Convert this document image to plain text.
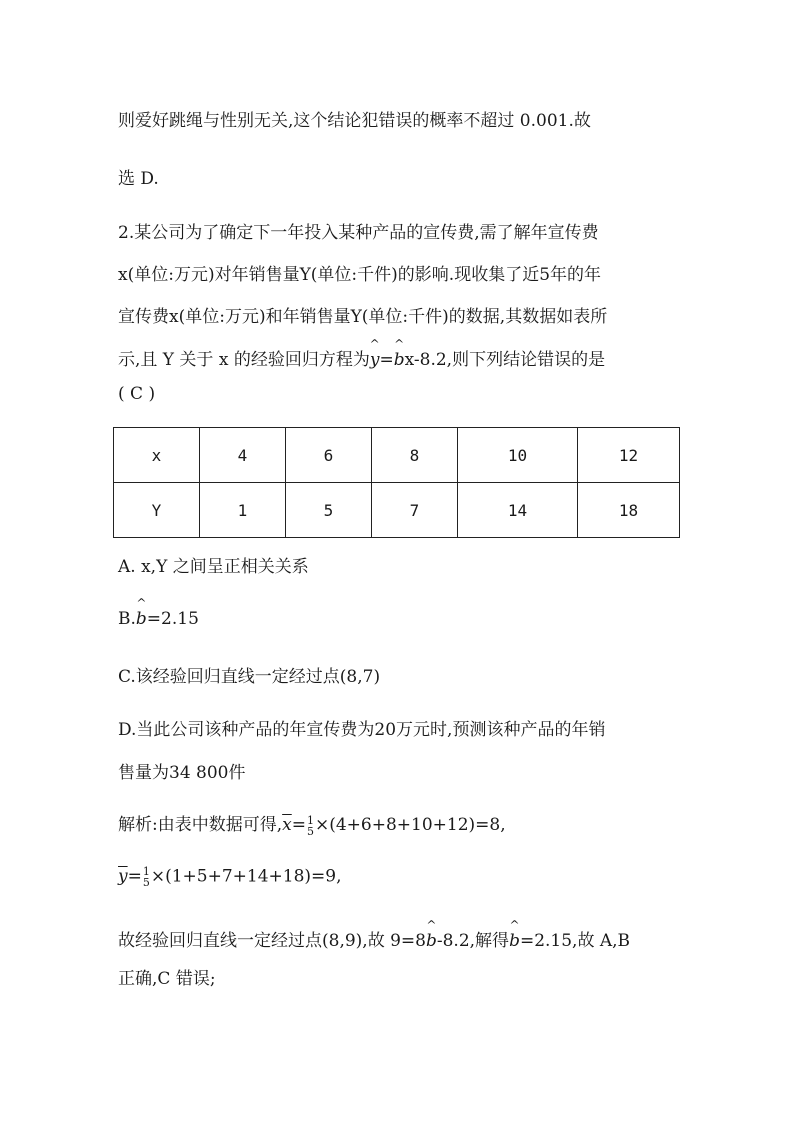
则爱好跳绳与性别无关,这个结论犯错误的概率不超过 0.001.故
选 D.
2.某公司为了确定下一年投入某种产品的宣传费,需了解年宣传费
x(单位:万元)对年销售量Y(单位:千件)的影响.现收集了近5年的年
宣传费x(单位:万元)和年销售量Y(单位:千件)的数据,其数据如表所
示,且 Y 关于 x 的经验回归方程为^ y=^ bx-8.2,则下列结论错误的是
( C )
x	4	6	8	10	12
Y	1	5	7	14	18
A. x,Y 之间呈正相关关系
B.^ b=2.15
C.该经验回归直线一定经过点(8,7)
D.当此公司该种产品的年宣传费为20万元时,预测该种产品的年销
售量为34 800件
解析:由表中数据可得$,\overline{x}= 1$
5 ×(4+6+8+10+12)=8,
$\overline{y}= 1$
5 ×(1+5+7+14+18)=9,
故经验回归直线一定经过点(8,9),故 9=8^ b-8.2,解得^ b=2.15,故 A,B
正确,C 错误;
